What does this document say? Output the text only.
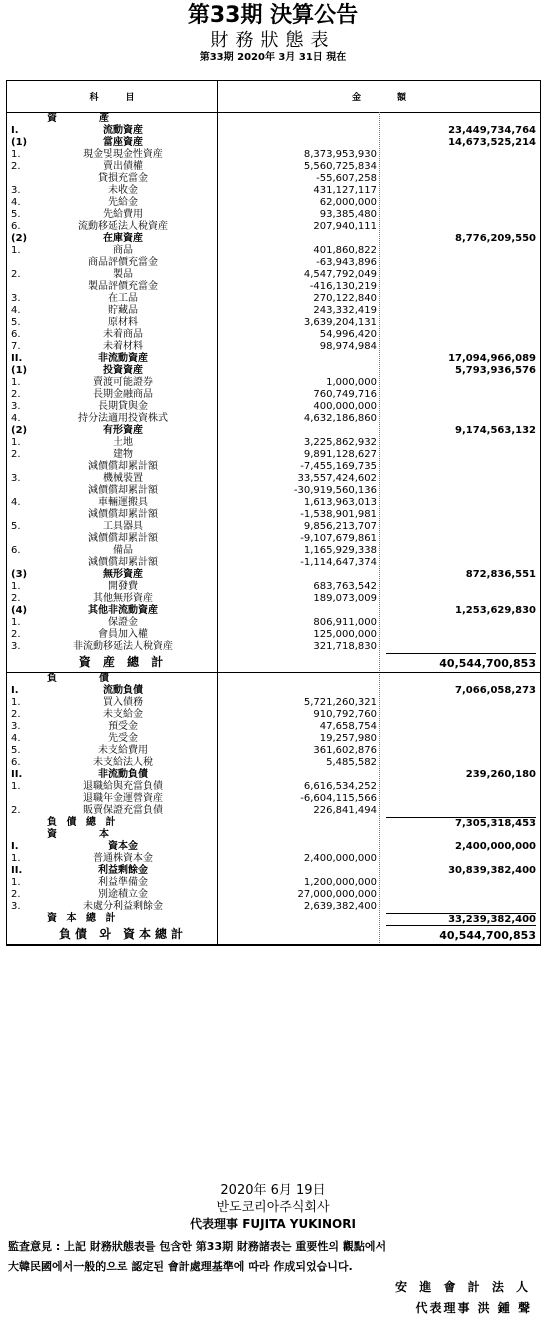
第33期 決算公告
財務狀態表
第33期 2020年 3月 31日 現在
科　　　目	金　　　　額
資　　　產
I.	流動資産	23,449,734,764
(1)	當座資産	14,673,525,214
1.	現金및現金性資産	8,373,953,930
2.	賣出債權	5,560,725,834
貸損充當金	-55,607,258
3.	未收金	431,127,117
4.	先給金	62,000,000
5.	先給費用	93,385,480
6.	流動移延法人稅資産	207,940,111
(2)	在庫資産	8,776,209,550
1.	商品	401,860,822
商品評價充當金	-63,943,896
2.	製品	4,547,792,049
製品評價充當金	-416,130,219
3.	在工品	270,122,840
4.	貯藏品	243,332,419
5.	原材料	3,639,204,131
6.	未着商品	54,996,420
7.	未着材料	98,974,984
II.	非流動資産	17,094,966,089
(1)	投資資産	5,793,936,576
1.	賣渡可能證券	1,000,000
2.	長期金融商品	760,749,716
3.	長期貸與金	400,000,000
4.	持分法適用投資株式	4,632,186,860
(2)	有形資産	9,174,563,132
1.	土地	3,225,862,932
2.	建物	9,891,128,627
減價償却累計額	-7,455,169,735
3.	機械裝置	33,557,424,602
減價償却累計額	-30,919,560,136
4.	車輛運搬具	1,613,963,013
減價償却累計額	-1,538,901,981
5.	工具器具	9,856,213,707
減價償却累計額	-9,107,679,861
6.	備品	1,165,929,338
減價償却累計額	-1,114,647,374
(3)	無形資産	872,836,551
1.	開發費	683,763,542
2.	其他無形資産	189,073,009
(4)	其他非流動資産	1,253,629,830
1.	保證金	806,911,000
2.	會員加入權	125,000,000
3.	非流動移延法人稅資産	321,718,830
資 産 總 計	40,544,700,853
負　　　債
I.	流動負債	7,066,058,273
1.	買入債務	5,721,260,321
2.	未支給金	910,792,760
3.	預受金	47,658,754
4.	先受金	19,257,980
5.	未支給費用	361,602,876
6.	未支給法人稅	5,485,582
II.	非流動負債	239,260,180
1.	退職給與充當負債	6,616,534,252
退職年金運營資産	-6,604,115,566
2.	販賣保證充當負債	226,841,494
負 債 總 計	7,305,318,453
資　　　本
I.	資本金	2,400,000,000
1.	普通株資本金	2,400,000,000
II.	利益剩餘金	30,839,382,400
1.	利益準備金	1,200,000,000
2.	別途積立金	27,000,000,000
3.	未處分利益剩餘金	2,639,382,400
資 本 總 計	33,239,382,400
負債 와 資本總計	40,544,700,853
2020年 6月 19日
반도코리아주식회사
代表理事 FUJITA YUKINORI
監査意見 : 上記 財務狀態表를 包含한 第33期 財務諸表는 重要性의 觀點에서
大韓民國에서一般的으로 認定된 會計處理基準에 따라 作成되었습니다.
安 進 會 計 法 人
代表理事 洪 鍾 聲
